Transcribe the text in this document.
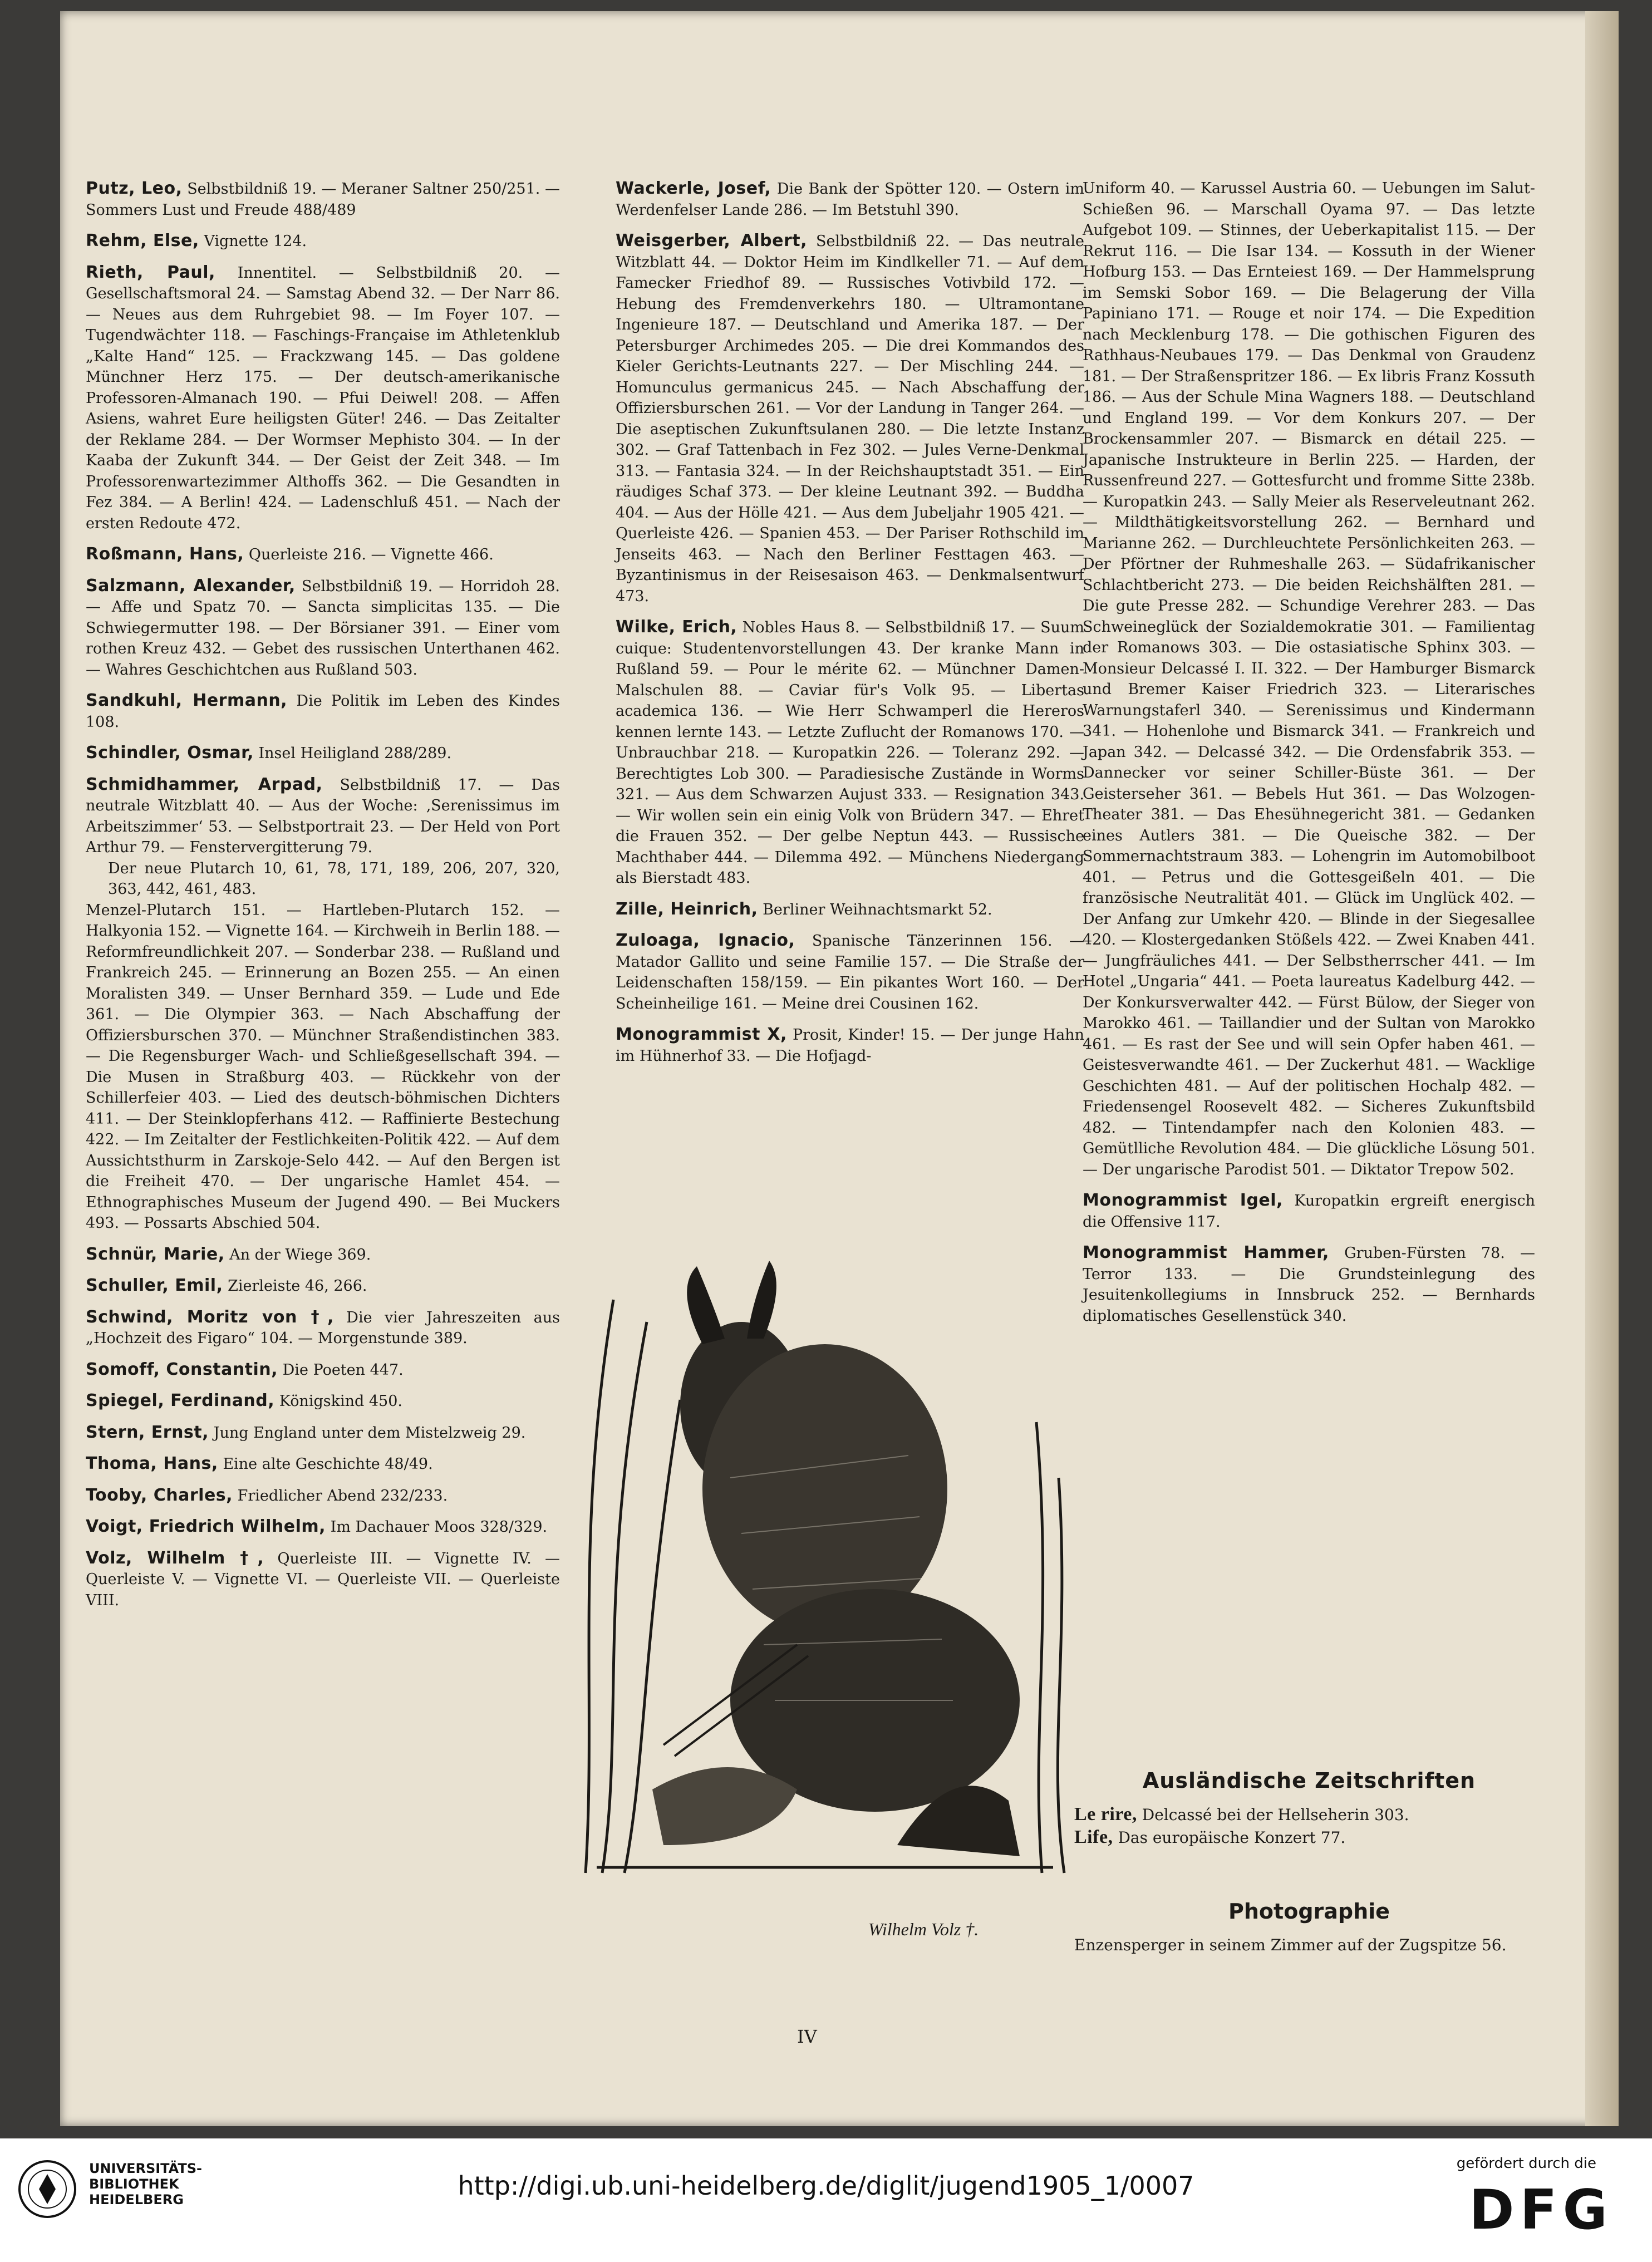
Putz, Leo, Selbstbildniß 19. — Meraner Saltner 250/251. — Sommers Lust und Freude 488/489
Rehm, Else, Vignette 124.
Rieth, Paul, Innentitel. — Selbstbildniß 20. — Gesellschaftsmoral 24. — Samstag Abend 32. — Der Narr 86. — Neues aus dem Ruhrgebiet 98. — Im Foyer 107. — Tugendwächter 118. — Faschings-Française im Athletenklub „Kalte Hand“ 125. — Frackzwang 145. — Das goldene Münchner Herz 175. — Der deutsch-amerikanische Professoren-Almanach 190. — Pfui Deiwel! 208. — Affen Asiens, wahret Eure heiligsten Güter! 246. — Das Zeitalter der Reklame 284. — Der Wormser Mephisto 304. — In der Kaaba der Zukunft 344. — Der Geist der Zeit 348. — Im Professorenwartezimmer Althoffs 362. — Die Gesandten in Fez 384. — A Berlin! 424. — Ladenschluß 451. — Nach der ersten Redoute 472.
Roßmann, Hans, Querleiste 216. — Vignette 466.
Salzmann, Alexander, Selbstbildniß 19. — Horridoh 28. — Affe und Spatz 70. — Sancta simplicitas 135. — Die Schwiegermutter 198. — Der Börsianer 391. — Einer vom rothen Kreuz 432. — Gebet des russischen Unterthanen 462. — Wahres Geschichtchen aus Rußland 503.
Sandkuhl, Hermann, Die Politik im Leben des Kindes 108.
Schindler, Osmar, Insel Heiligland 288/289.
Schmidhammer, Arpad, Selbstbildniß 17. — Das neutrale Witzblatt 40. — Aus der Woche: ‚Serenissimus im Arbeitszimmer‘ 53. — Selbstportrait 23. — Der Held von Port Arthur 79. — Fenstervergitterung 79.
Der neue Plutarch 10, 61, 78, 171, 189, 206, 207, 320, 363, 442, 461, 483.
Menzel-Plutarch 151. — Hartleben-Plutarch 152. — Halkyonia 152. — Vignette 164. — Kirchweih in Berlin 188. — Reformfreundlichkeit 207. — Sonderbar 238. — Rußland und Frankreich 245. — Erinnerung an Bozen 255. — An einen Moralisten 349. — Unser Bernhard 359. — Lude und Ede 361. — Die Olympier 363. — Nach Abschaffung der Offiziersburschen 370. — Münchner Straßendistinchen 383. — Die Regensburger Wach- und Schließgesellschaft 394. — Die Musen in Straßburg 403. — Rückkehr von der Schillerfeier 403. — Lied des deutsch-böhmischen Dichters 411. — Der Steinklopferhans 412. — Raffinierte Bestechung 422. — Im Zeitalter der Festlichkeiten-Politik 422. — Auf dem Aussichtsthurm in Zarskoje-Selo 442. — Auf den Bergen ist die Freiheit 470. — Der ungarische Hamlet 454. — Ethnographisches Museum der Jugend 490. — Bei Muckers 493. — Possarts Abschied 504.
Schnür, Marie, An der Wiege 369.
Schuller, Emil, Zierleiste 46, 266.
Schwind, Moritz von †, Die vier Jahreszeiten aus „Hochzeit des Figaro“ 104. — Morgenstunde 389.
Somoff, Constantin, Die Poeten 447.
Spiegel, Ferdinand, Königskind 450.
Stern, Ernst, Jung England unter dem Mistelzweig 29.
Thoma, Hans, Eine alte Geschichte 48/49.
Tooby, Charles, Friedlicher Abend 232/233.
Voigt, Friedrich Wilhelm, Im Dachauer Moos 328/329.
Volz, Wilhelm †, Querleiste III. — Vignette IV. — Querleiste V. — Vignette VI. — Querleiste VII. — Querleiste VIII.
Wackerle, Josef, Die Bank der Spötter 120. — Ostern im Werdenfelser Lande 286. — Im Betstuhl 390.
Weisgerber, Albert, Selbstbildniß 22. — Das neutrale Witzblatt 44. — Doktor Heim im Kindlkeller 71. — Auf dem Famecker Friedhof 89. — Russisches Votivbild 172. — Hebung des Fremdenverkehrs 180. — Ultramontane Ingenieure 187. — Deutschland und Amerika 187. — Der Petersburger Archimedes 205. — Die drei Kommandos des Kieler Gerichts-Leutnants 227. — Der Mischling 244. — Homunculus germanicus 245. — Nach Abschaffung der Offiziersburschen 261. — Vor der Landung in Tanger 264. — Die aseptischen Zukunftsulanen 280. — Die letzte Instanz 302. — Graf Tattenbach in Fez 302. — Jules Verne-Denkmal 313. — Fantasia 324. — In der Reichshauptstadt 351. — Ein räudiges Schaf 373. — Der kleine Leutnant 392. — Buddha 404. — Aus der Hölle 421. — Aus dem Jubeljahr 1905 421. — Querleiste 426. — Spanien 453. — Der Pariser Rothschild im Jenseits 463. — Nach den Berliner Festtagen 463. — Byzantinismus in der Reisesaison 463. — Denkmalsentwurf 473.
Wilke, Erich, Nobles Haus 8. — Selbstbildniß 17. — Suum cuique: Studentenvorstellungen 43. Der kranke Mann in Rußland 59. — Pour le mérite 62. — Münchner Damen-Malschulen 88. — Caviar für's Volk 95. — Libertas academica 136. — Wie Herr Schwamperl die Hereros kennen lernte 143. — Letzte Zuflucht der Romanows 170. — Unbrauchbar 218. — Kuropatkin 226. — Toleranz 292. — Berechtigtes Lob 300. — Paradiesische Zustände in Worms 321. — Aus dem Schwarzen Aujust 333. — Resignation 343. — Wir wollen sein ein einig Volk von Brüdern 347. — Ehret die Frauen 352. — Der gelbe Neptun 443. — Russische Machthaber 444. — Dilemma 492. — Münchens Niedergang als Bierstadt 483.
Zille, Heinrich, Berliner Weihnachtsmarkt 52.
Zuloaga, Ignacio, Spanische Tänzerinnen 156. — Matador Gallito und seine Familie 157. — Die Straße der Leidenschaften 158/159. — Ein pikantes Wort 160. — Der Scheinheilige 161. — Meine drei Cousinen 162.
Monogrammist X, Prosit, Kinder! 15. — Der junge Hahn im Hühnerhof 33. — Die Hofjagd-
Uniform 40. — Karussel Austria 60. — Uebungen im Salut-Schießen 96. — Marschall Oyama 97. — Das letzte Aufgebot 109. — Stinnes, der Ueberkapitalist 115. — Der Rekrut 116. — Die Isar 134. — Kossuth in der Wiener Hofburg 153. — Das Ernteiest 169. — Der Hammelsprung im Semski Sobor 169. — Die Belagerung der Villa Papiniano 171. — Rouge et noir 174. — Die Expedition nach Mecklenburg 178. — Die gothischen Figuren des Rathhaus-Neubaues 179. — Das Denkmal von Graudenz 181. — Der Straßenspritzer 186. — Ex libris Franz Kossuth 186. — Aus der Schule Mina Wagners 188. — Deutschland und England 199. — Vor dem Konkurs 207. — Der Brockensammler 207. — Bismarck en détail 225. — Japanische Instrukteure in Berlin 225. — Harden, der Russenfreund 227. — Gottesfurcht und fromme Sitte 238b. — Kuropatkin 243. — Sally Meier als Reserveleutnant 262. — Mildthätigkeitsvorstellung 262. — Bernhard und Marianne 262. — Durchleuchtete Persönlichkeiten 263. — Der Pförtner der Ruhmeshalle 263. — Südafrikanischer Schlachtbericht 273. — Die beiden Reichshälften 281. — Die gute Presse 282. — Schundige Verehrer 283. — Das Schweineglück der Sozialdemokratie 301. — Familientag der Romanows 303. — Die ostasiatische Sphinx 303. — Monsieur Delcassé I. II. 322. — Der Hamburger Bismarck und Bremer Kaiser Friedrich 323. — Literarisches Warnungstaferl 340. — Serenissimus und Kindermann 341. — Hohenlohe und Bismarck 341. — Frankreich und Japan 342. — Delcassé 342. — Die Ordensfabrik 353. — Dannecker vor seiner Schiller-Büste 361. — Der Geisterseher 361. — Bebels Hut 361. — Das Wolzogen-Theater 381. — Das Ehesühnegericht 381. — Gedanken eines Autlers 381. — Die Queische 382. — Der Sommernachtstraum 383. — Lohengrin im Automobilboot 401. — Petrus und die Gottesgeißeln 401. — Die französische Neutralität 401. — Glück im Unglück 402. — Der Anfang zur Umkehr 420. — Blinde in der Siegesallee 420. — Klostergedanken Stößels 422. — Zwei Knaben 441. — Jungfräuliches 441. — Der Selbstherrscher 441. — Im Hotel „Ungaria“ 441. — Poeta laureatus Kadelburg 442. — Der Konkursverwalter 442. — Fürst Bülow, der Sieger von Marokko 461. — Taillandier und der Sultan von Marokko 461. — Es rast der See und will sein Opfer haben 461. — Geistesverwandte 461. — Der Zuckerhut 481. — Wacklige Geschichten 481. — Auf der politischen Hochalp 482. — Friedensengel Roosevelt 482. — Sicheres Zukunftsbild 482. — Tintendampfer nach den Kolonien 483. — Gemütlliche Revolution 484. — Die glückliche Lösung 501. — Der ungarische Parodist 501. — Diktator Trepow 502.
Monogrammist Igel, Kuropatkin ergreift energisch die Offensive 117.
Monogrammist Hammer, Gruben-Fürsten 78. — Terror 133. — Die Grundsteinlegung des Jesuitenkollegiums in Innsbruck 252. — Bernhards diplomatisches Gesellenstück 340.
Wilhelm Volz †.
Ausländische Zeitschriften
Le rire, Delcassé bei der Hellseherin 303.
Life, Das europäische Konzert 77.
Photographie
Enzensperger in seinem Zimmer auf der Zugspitze 56.
IV
UNIVERSITÄTS-
BIBLIOTHEK
HEIDELBERG	http://digi.ub.uni-heidelberg.de/diglit/jugend1905_1/0007
gefördert durch die
DFG
